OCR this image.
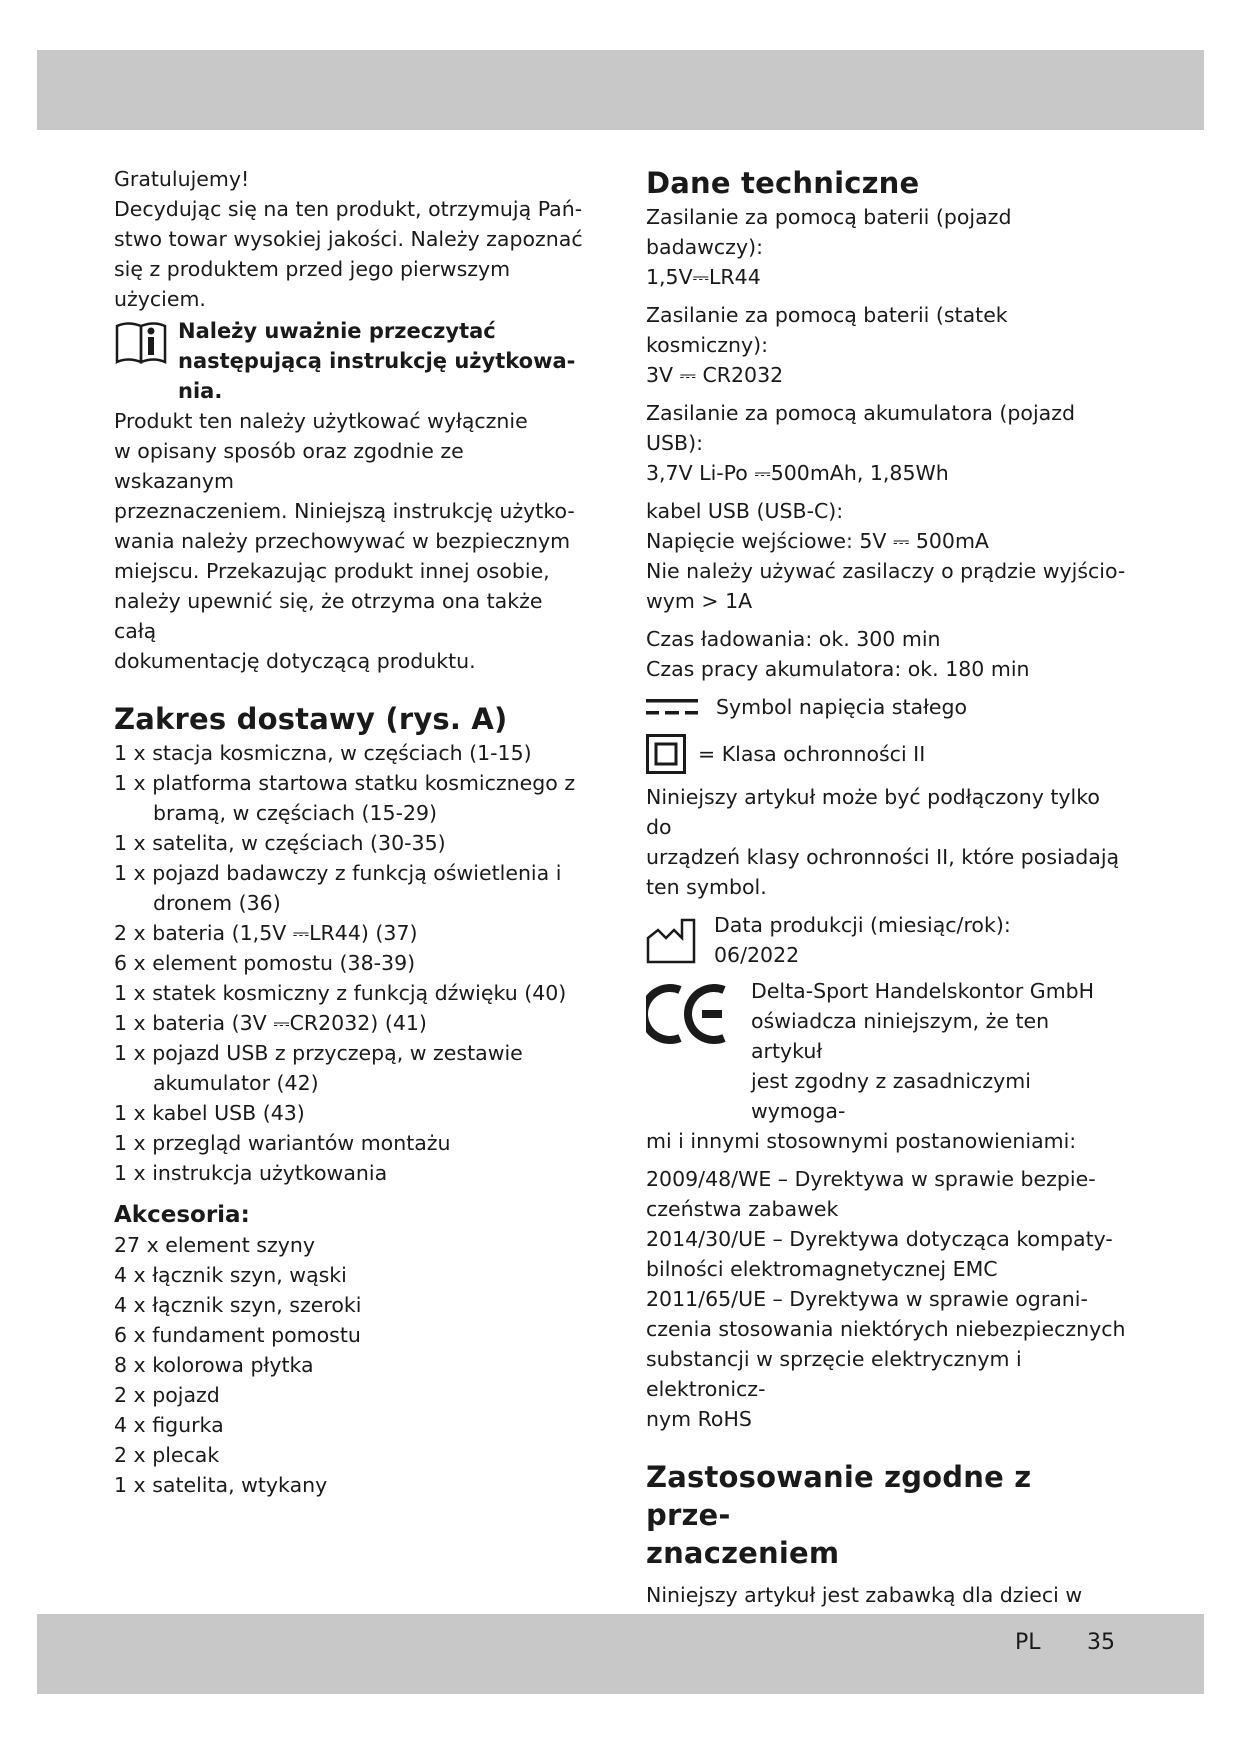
Gratulujemy!

Decydując się na ten produkt, otrzymują Pań-

stwo towar wysokiej jakości. Należy zapoznać

się z produktem przed jego pierwszym użyciem.

Należy uważnie przeczytać
następującą instrukcję użytkowa-
nia.

Produkt ten należy użytkować wyłącznie

w opisany sposób oraz zgodnie ze wskazanym

przeznaczeniem. Niniejszą instrukcję użytko-

wania należy przechowywać w bezpiecznym

miejscu. Przekazując produkt innej osobie,

należy upewnić się, że otrzyma ona także całą

dokumentację dotyczącą produktu.

Zakres dostawy (rys. A)

1 x stacja kosmiczna, w częściach (1-15)

1 x platforma startowa statku kosmicznego z bramą, w częściach (15-29)

1 x satelita, w częściach (30-35)

1 x pojazd badawczy z funkcją oświetlenia i dronem (36)

2 x bateria (1,5V ⎓LR44) (37)

6 x element pomostu (38-39)

1 x statek kosmiczny z funkcją dźwięku (40)

1 x bateria (3V ⎓CR2032) (41)

1 x pojazd USB z przyczepą, w zestawie akumulator (42)

1 x kabel USB (43)

1 x przegląd wariantów montażu

1 x instrukcja użytkowania

Akcesoria:

27 x element szyny

4 x łącznik szyn, wąski

4 x łącznik szyn, szeroki

6 x fundament pomostu

8 x kolorowa płytka

2 x pojazd

4 x figurka

2 x plecak

1 x satelita, wtykany

Dane techniczne

Zasilanie za pomocą baterii (pojazd badawczy):

1,5V⎓LR44

Zasilanie za pomocą baterii (statek kosmiczny):

3V ⎓ CR2032

Zasilanie za pomocą akumulatora (pojazd USB):

3,7V Li-Po ⎓500mAh, 1,85Wh

kabel USB (USB-C):

Napięcie wejściowe: 5V ⎓ 500mA

Nie należy używać zasilaczy o prądzie wyjścio-

wym > 1A

Czas ładowania: ok. 300 min

Czas pracy akumulatora: ok. 180 min

Symbol napięcia stałego
= Klasa ochronności II

Niniejszy artykuł może być podłączony tylko do

urządzeń klasy ochronności II, które posiadają

ten symbol.

Data produkcji (miesiąc/rok):
06/2022
Delta-Sport Handelskontor GmbH
oświadcza niniejszym, że ten artykuł
jest zgodny z zasadniczymi wymoga-

mi i innymi stosownymi postanowieniami:

2009/48/WE – Dyrektywa w sprawie bezpie-

czeństwa zabawek

2014/30/UE – Dyrektywa dotycząca kompaty-

bilności elektromagnetycznej EMC

2011/65/UE – Dyrektywa w sprawie ograni-

czenia stosowania niektórych niebezpiecznych

substancji w sprzęcie elektrycznym i elektronicz-

nym RoHS

Zastosowanie zgodne z prze-

znaczeniem

Niniejszy artykuł jest zabawką dla dzieci w

PL 35
